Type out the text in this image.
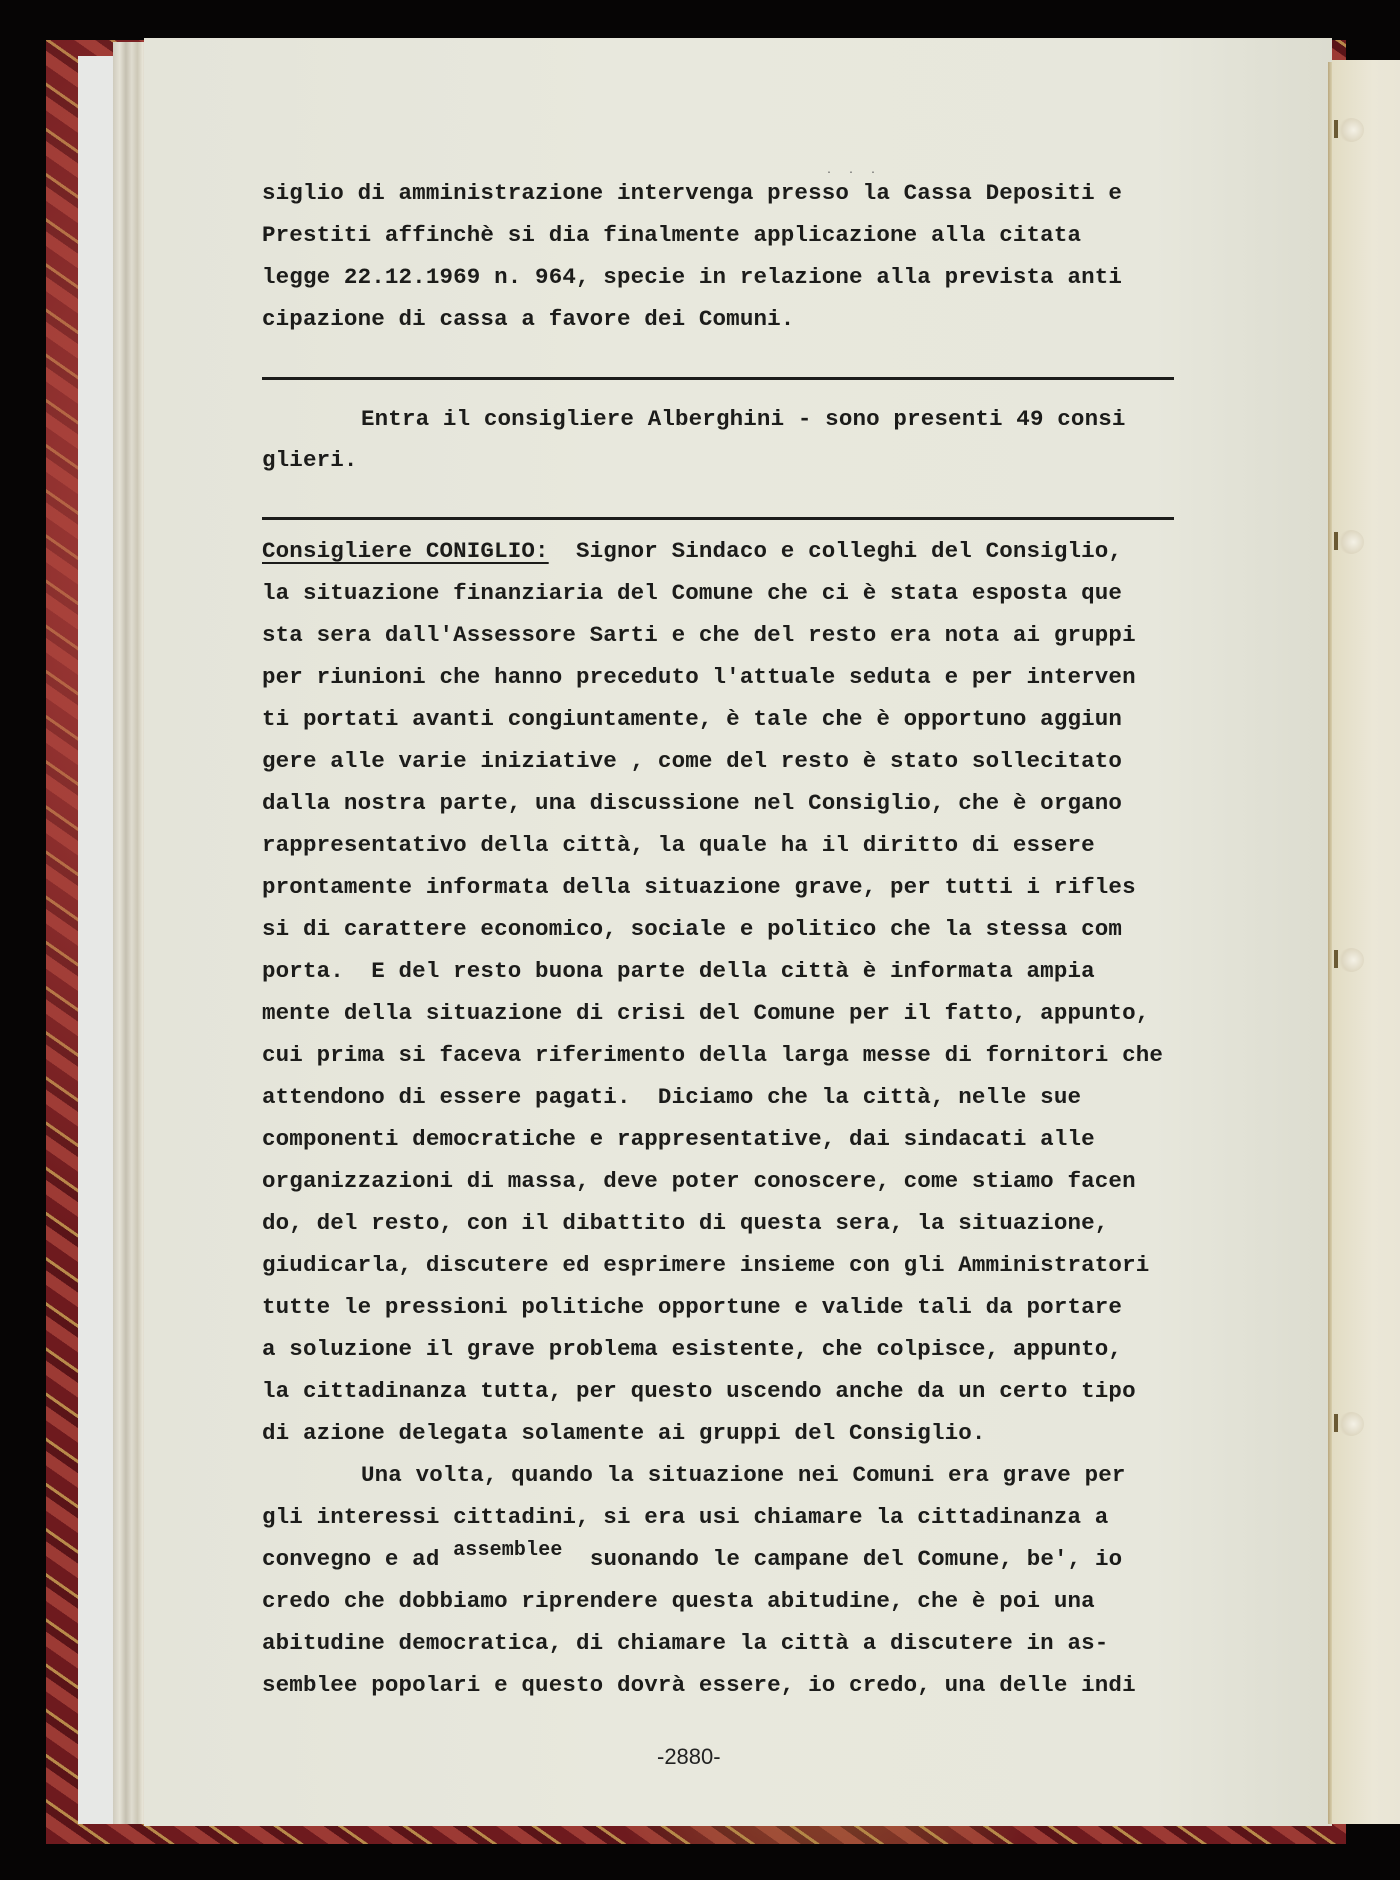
. . .
siglio di amministrazione intervenga presso la Cassa Depositi e
Prestiti affinchè si dia finalmente applicazione alla citata
legge 22.12.1969 n. 964, specie in relazione alla prevista anti
cipazione di cassa a favore dei Comuni.
Entra il consigliere Alberghini - sono presenti 49 consi
glieri.
Consigliere CONIGLIO:  Signor Sindaco e colleghi del Consiglio,
la situazione finanziaria del Comune che ci è stata esposta que
sta sera dall'Assessore Sarti e che del resto era nota ai gruppi
per riunioni che hanno preceduto l'attuale seduta e per interven
ti portati avanti congiuntamente, è tale che è opportuno aggiun
gere alle varie iniziative , come del resto è stato sollecitato
dalla nostra parte, una discussione nel Consiglio, che è organo
rappresentativo della città, la quale ha il diritto di essere
prontamente informata della situazione grave, per tutti i rifles
si di carattere economico, sociale e politico che la stessa com
porta.  E del resto buona parte della città è informata ampia
mente della situazione di crisi del Comune per il fatto, appunto,
cui prima si faceva riferimento della larga messe di fornitori che
attendono di essere pagati.  Diciamo che la città, nelle sue
componenti democratiche e rappresentative, dai sindacati alle
organizzazioni di massa, deve poter conoscere, come stiamo facen
do, del resto, con il dibattito di questa sera, la situazione,
giudicarla, discutere ed esprimere insieme con gli Amministratori
tutte le pressioni politiche opportune e valide tali da portare
a soluzione il grave problema esistente, che colpisce, appunto,
la cittadinanza tutta, per questo uscendo anche da un certo tipo
di azione delegata solamente ai gruppi del Consiglio.
Una volta, quando la situazione nei Comuni era grave per
gli interessi cittadini, si era usi chiamare la cittadinanza a
convegno e ad assemblee  suonando le campane del Comune, be', io
credo che dobbiamo riprendere questa abitudine, che è poi una
abitudine democratica, di chiamare la città a discutere in as-
semblee popolari e questo dovrà essere, io credo, una delle indi
-2880-
